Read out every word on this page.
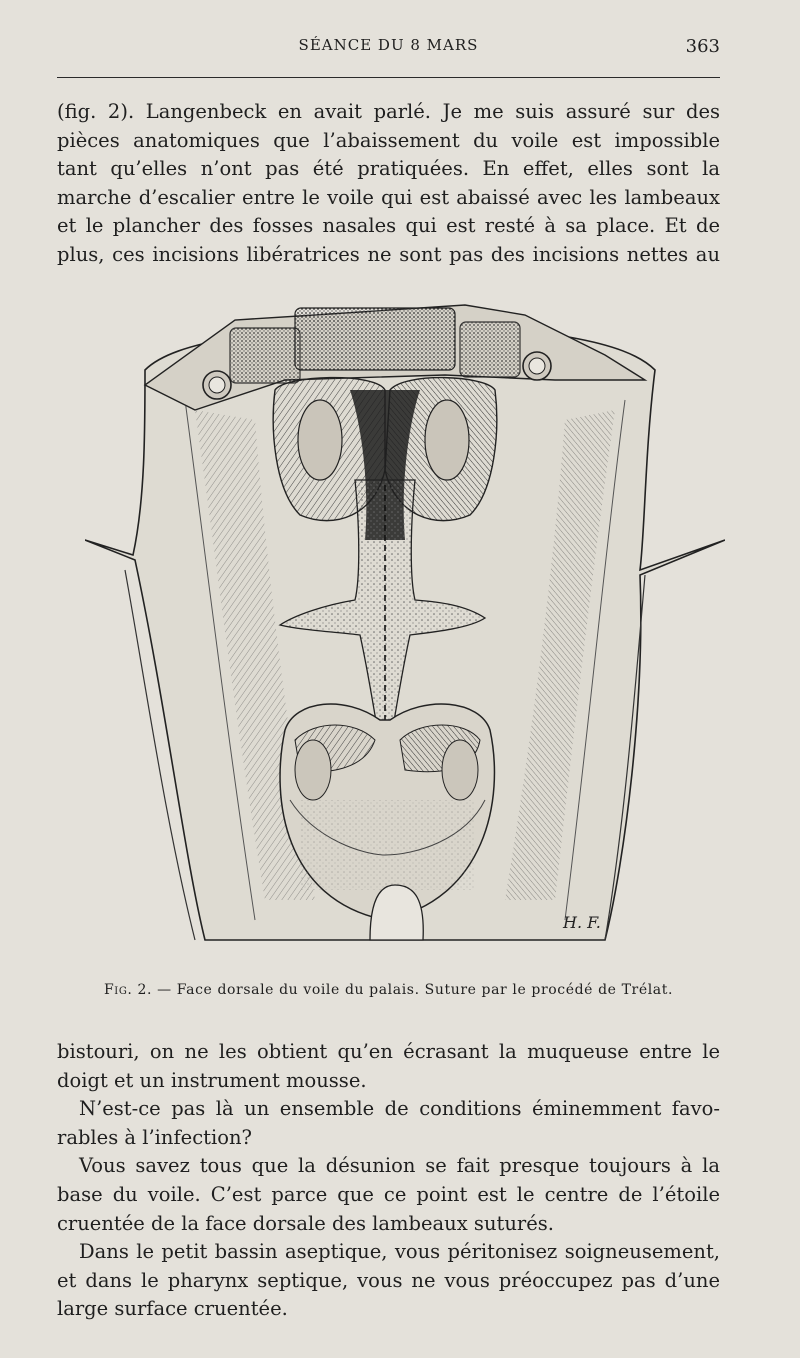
SÉANCE DU 8 MARS	363
(fig. 2). Langenbeck en avait parlé. Je me suis assuré sur des
pièces anatomiques que l’abaissement du voile est impossible
tant qu’elles n’ont pas été pratiquées. En effet, elles sont la
marche d’escalier entre le voile qui est abaissé avec les lambeaux
et le plancher des fosses nasales qui est resté à sa place. Et de
plus, ces incisions libératrices ne sont pas des incisions nettes au
H. F.
Fig. 2. — Face dorsale du voile du palais. Suture par le procédé de Trélat.

bistouri, on ne les obtient qu’en écrasant la muqueuse entre le
doigt et un instrument mousse.

N’est-ce pas là un ensemble de conditions éminemment favo-
rables à l’infection?

Vous savez tous que la désunion se fait presque toujours à la
base du voile. C’est parce que ce point est le centre de l’étoile
cruentée de la face dorsale des lambeaux suturés.

Dans le petit bassin aseptique, vous péritonisez soigneusement,
et dans le pharynx septique, vous ne vous préoccupez pas d’une
large surface cruentée.
